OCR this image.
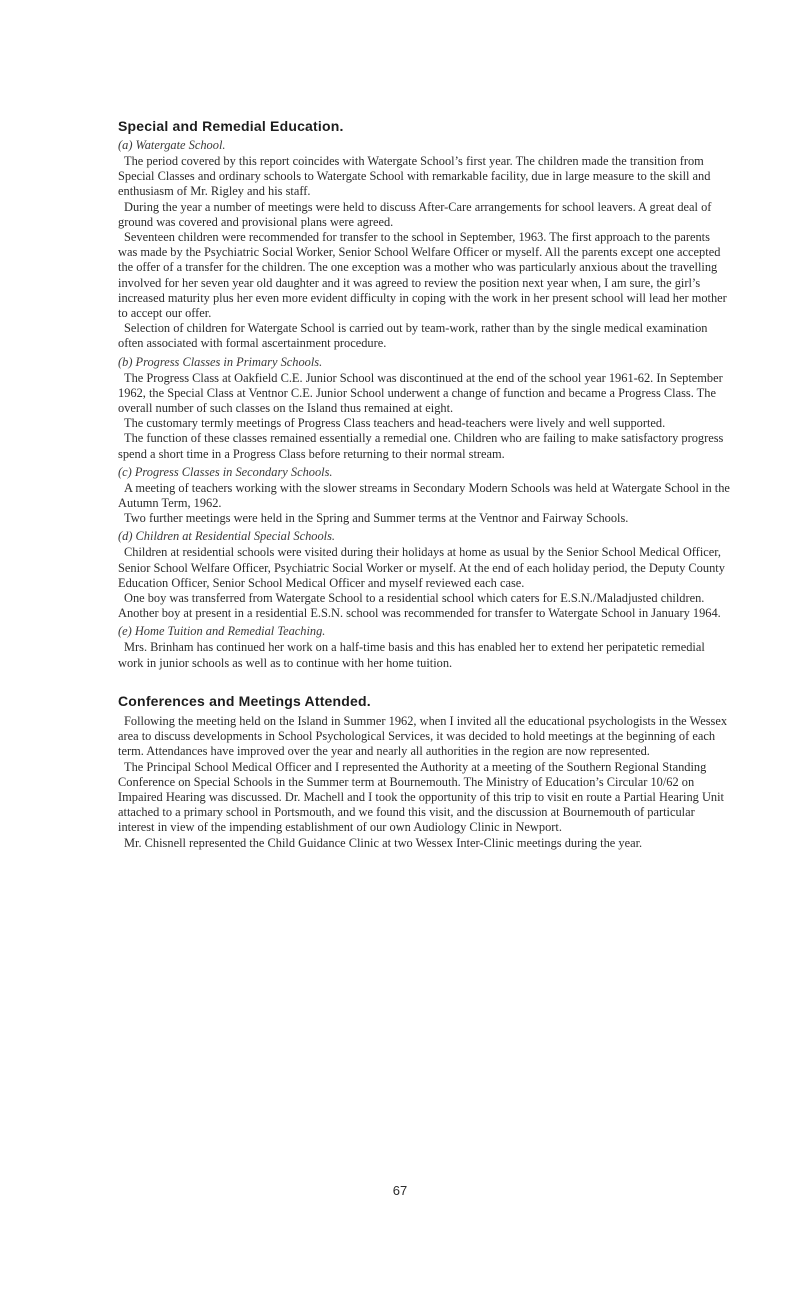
Special and Remedial Education.
(a) Watergate School.

The period covered by this report coincides with Watergate School’s first year. The children made the transition from Special Classes and ordinary schools to Watergate School with remarkable facility, due in large measure to the skill and enthusiasm of Mr. Rigley and his staff.

During the year a number of meetings were held to discuss After-Care arrangements for school leavers. A great deal of ground was covered and provisional plans were agreed.

Seventeen children were recommended for transfer to the school in September, 1963. The first approach to the parents was made by the Psychiatric Social Worker, Senior School Welfare Officer or myself. All the parents except one accepted the offer of a transfer for the children. The one exception was a mother who was particularly anxious about the travelling involved for her seven year old daughter and it was agreed to review the position next year when, I am sure, the girl’s increased maturity plus her even more evident difficulty in coping with the work in her present school will lead her mother to accept our offer.

Selection of children for Watergate School is carried out by team-work, rather than by the single medical examination often associated with formal ascertainment procedure.

(b) Progress Classes in Primary Schools.

The Progress Class at Oakfield C.E. Junior School was discontinued at the end of the school year 1961-62. In September 1962, the Special Class at Ventnor C.E. Junior School underwent a change of function and became a Progress Class. The overall number of such classes on the Island thus remained at eight.

The customary termly meetings of Progress Class teachers and head-teachers were lively and well supported.

The function of these classes remained essentially a remedial one. Children who are failing to make satisfactory progress spend a short time in a Progress Class before returning to their normal stream.

(c) Progress Classes in Secondary Schools.

A meeting of teachers working with the slower streams in Secondary Modern Schools was held at Watergate School in the Autumn Term, 1962.

Two further meetings were held in the Spring and Summer terms at the Ventnor and Fairway Schools.

(d) Children at Residential Special Schools.

Children at residential schools were visited during their holidays at home as usual by the Senior School Medical Officer, Senior School Welfare Officer, Psychiatric Social Worker or myself. At the end of each holiday period, the Deputy County Education Officer, Senior School Medical Officer and myself reviewed each case.

One boy was transferred from Watergate School to a residential school which caters for E.S.N./Maladjusted children. Another boy at present in a residential E.S.N. school was recommended for transfer to Watergate School in January 1964.

(e) Home Tuition and Remedial Teaching.

Mrs. Brinham has continued her work on a half-time basis and this has enabled her to extend her peripatetic remedial work in junior schools as well as to continue with her home tuition.

Conferences and Meetings Attended.

Following the meeting held on the Island in Summer 1962, when I invited all the educational psychologists in the Wessex area to discuss developments in School Psychological Services, it was decided to hold meetings at the beginning of each term. Attendances have improved over the year and nearly all authorities in the region are now represented.

The Principal School Medical Officer and I represented the Authority at a meeting of the Southern Regional Standing Conference on Special Schools in the Summer term at Bournemouth. The Ministry of Education’s Circular 10/62 on Impaired Hearing was discussed. Dr. Machell and I took the opportunity of this trip to visit en route a Partial Hearing Unit attached to a primary school in Portsmouth, and we found this visit, and the discussion at Bournemouth of particular interest in view of the impending establishment of our own Audiology Clinic in Newport.

Mr. Chisnell represented the Child Guidance Clinic at two Wessex Inter-Clinic meetings during the year.

67
